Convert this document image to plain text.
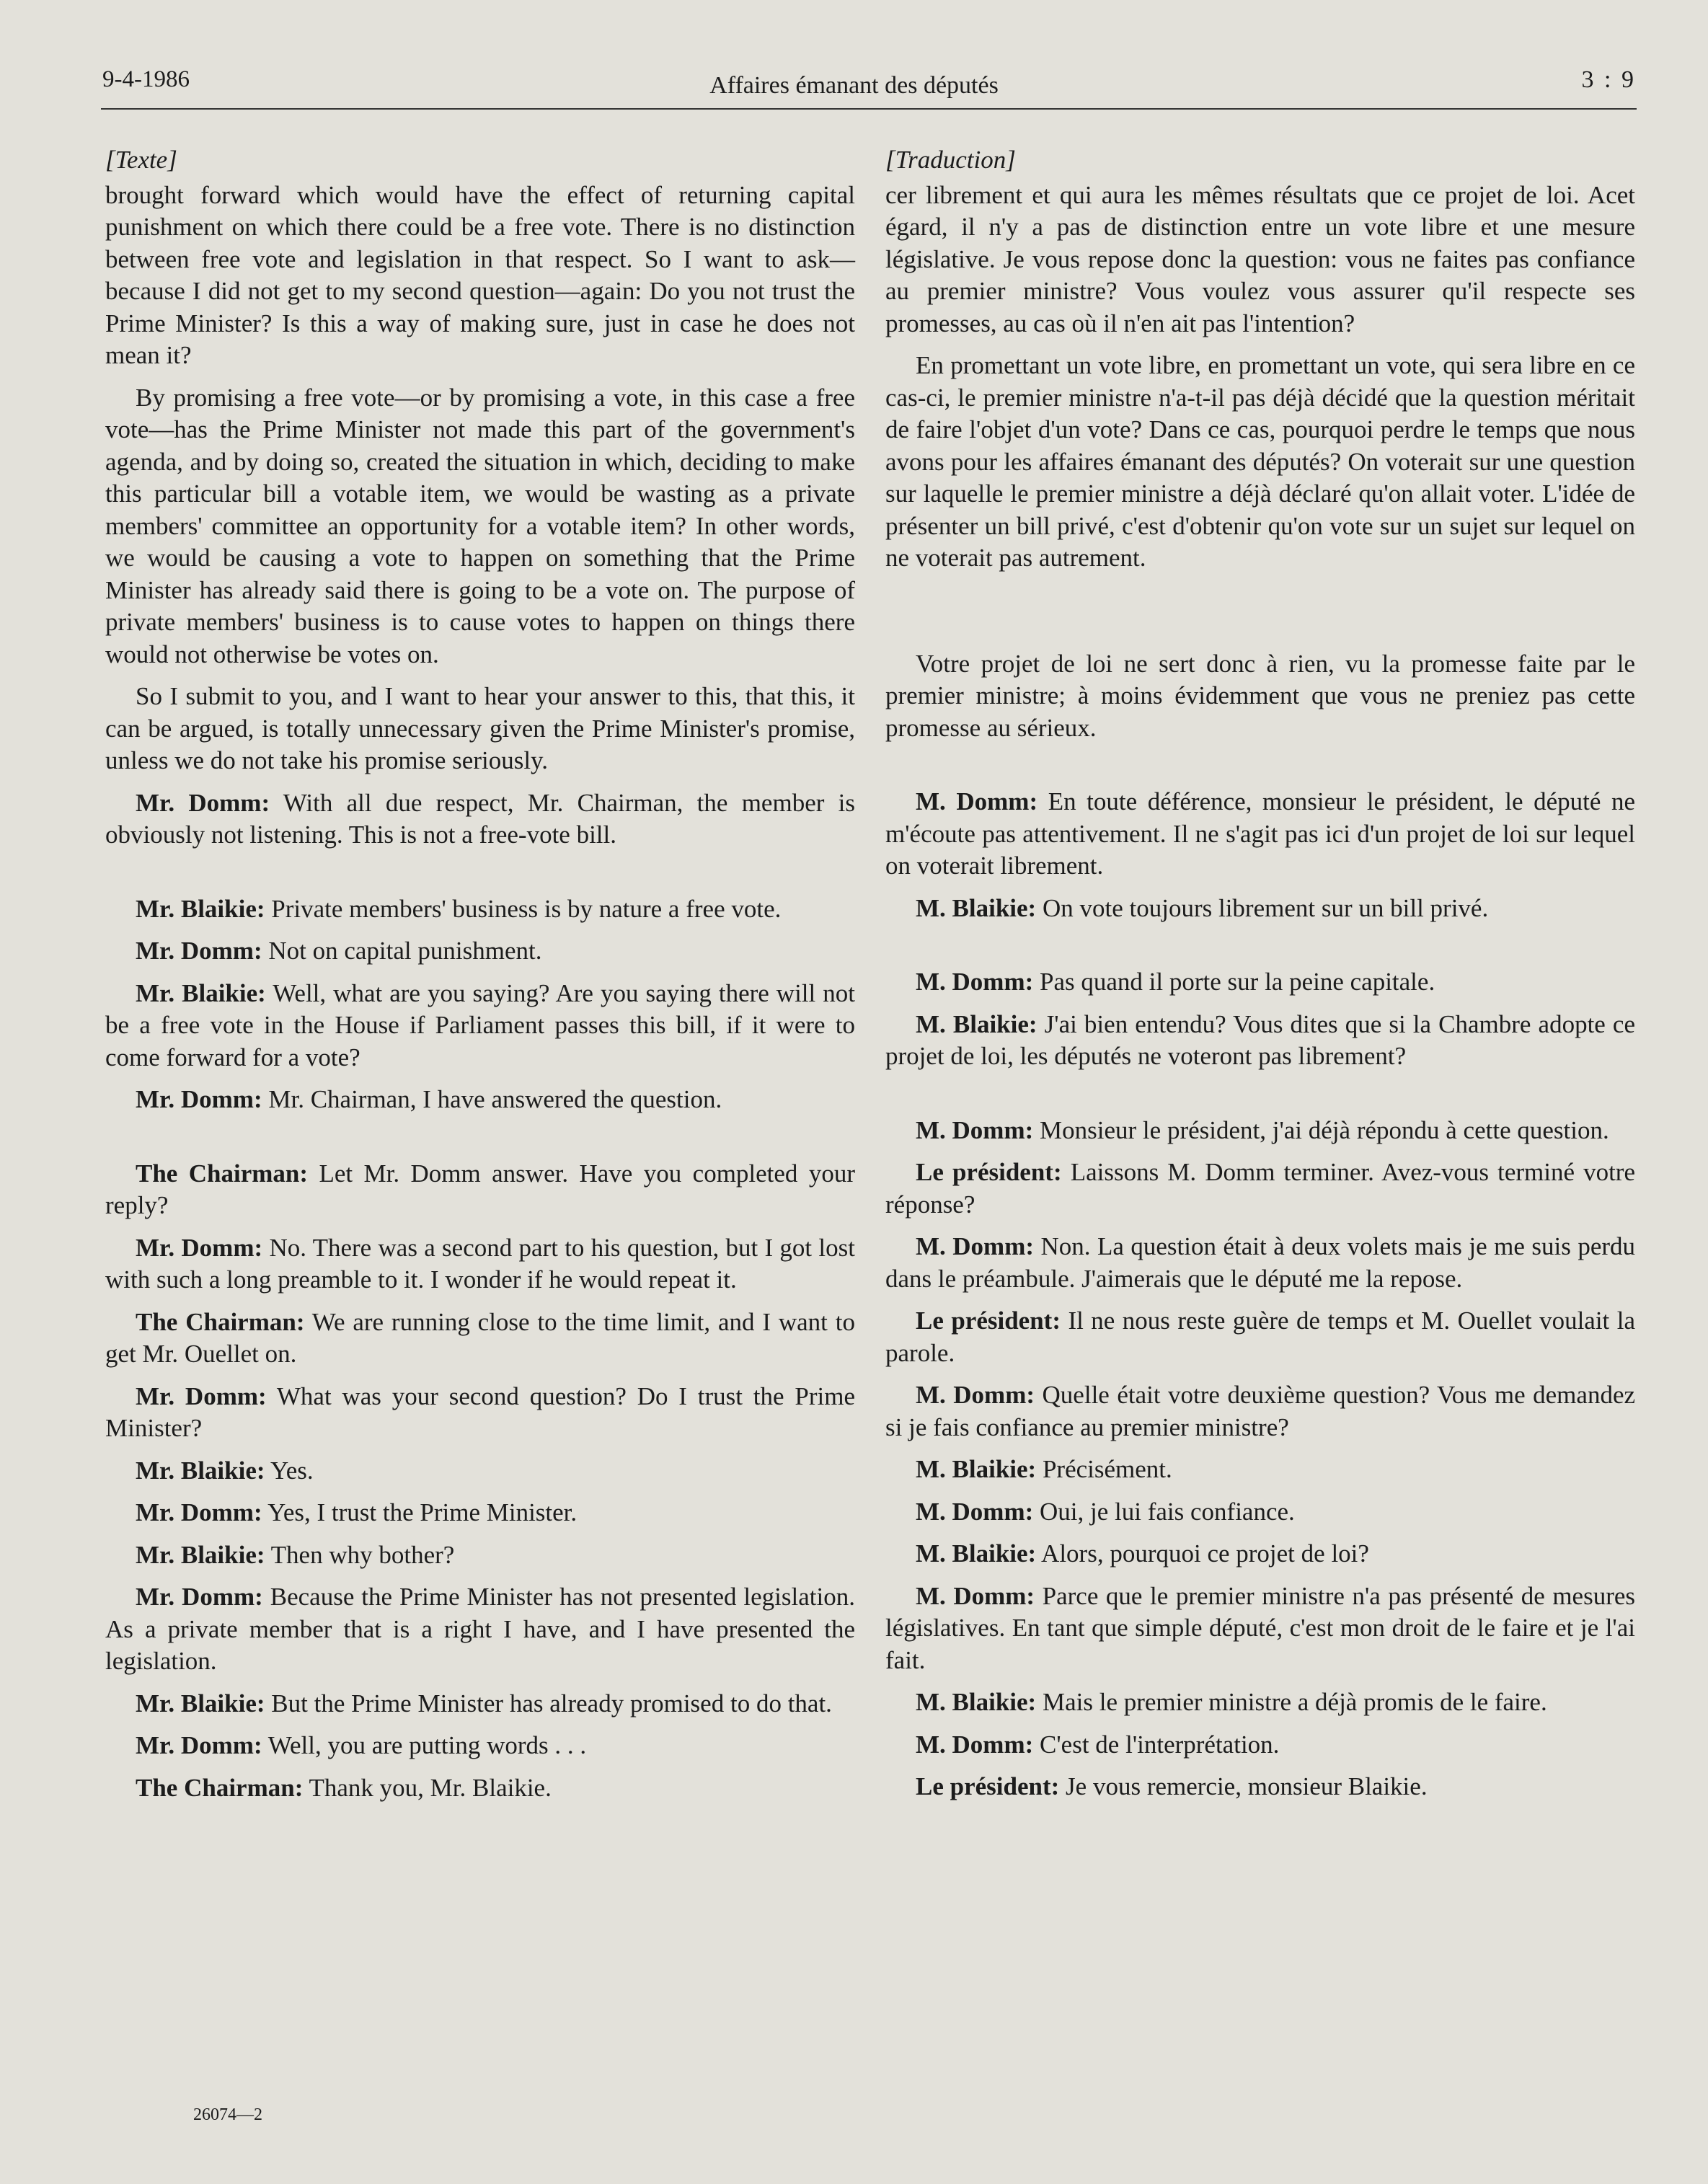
9-4-1986	Affaires émanant des députés	3 : 9
[Texte]

brought forward which would have the effect of returning capital punishment on which there could be a free vote. There is no distinction between free vote and legislation in that respect. So I want to ask—because I did not get to my second question—again: Do you not trust the Prime Minister? Is this a way of making sure, just in case he does not mean it?

By promising a free vote—or by promising a vote, in this case a free vote—has the Prime Minister not made this part of the government's agenda, and by doing so, created the situation in which, deciding to make this particular bill a votable item, we would be wasting as a private members' committee an opportunity for a votable item? In other words, we would be causing a vote to happen on something that the Prime Minister has already said there is going to be a vote on. The purpose of private members' business is to cause votes to happen on things there would not otherwise be votes on.

So I submit to you, and I want to hear your answer to this, that this, it can be argued, is totally unnecessary given the Prime Minister's promise, unless we do not take his promise seriously.

Mr. Domm: With all due respect, Mr. Chairman, the member is obviously not listening. This is not a free-vote bill.

Mr. Blaikie: Private members' business is by nature a free vote.

Mr. Domm: Not on capital punishment.

Mr. Blaikie: Well, what are you saying? Are you saying there will not be a free vote in the House if Parliament passes this bill, if it were to come forward for a vote?

Mr. Domm: Mr. Chairman, I have answered the question.

The Chairman: Let Mr. Domm answer. Have you completed your reply?

Mr. Domm: No. There was a second part to his question, but I got lost with such a long preamble to it. I wonder if he would repeat it.

The Chairman: We are running close to the time limit, and I want to get Mr. Ouellet on.

Mr. Domm: What was your second question? Do I trust the Prime Minister?

Mr. Blaikie: Yes.

Mr. Domm: Yes, I trust the Prime Minister.

Mr. Blaikie: Then why bother?

Mr. Domm: Because the Prime Minister has not presented legislation. As a private member that is a right I have, and I have presented the legislation.

Mr. Blaikie: But the Prime Minister has already promised to do that.

Mr. Domm: Well, you are putting words . . .

The Chairman: Thank you, Mr. Blaikie.

[Traduction]

cer librement et qui aura les mêmes résultats que ce projet de loi. Acet égard, il n'y a pas de distinction entre un vote libre et une mesure législative. Je vous repose donc la question: vous ne faites pas confiance au premier ministre? Vous voulez vous assurer qu'il respecte ses promesses, au cas où il n'en ait pas l'intention?

En promettant un vote libre, en promettant un vote, qui sera libre en ce cas-ci, le premier ministre n'a-t-il pas déjà décidé que la question méritait de faire l'objet d'un vote? Dans ce cas, pourquoi perdre le temps que nous avons pour les affaires émanant des députés? On voterait sur une question sur laquelle le premier ministre a déjà déclaré qu'on allait voter. L'idée de présenter un bill privé, c'est d'obtenir qu'on vote sur un sujet sur lequel on ne voterait pas autrement.

Votre projet de loi ne sert donc à rien, vu la promesse faite par le premier ministre; à moins évidemment que vous ne preniez pas cette promesse au sérieux.

M. Domm: En toute déférence, monsieur le président, le député ne m'écoute pas attentivement. Il ne s'agit pas ici d'un projet de loi sur lequel on voterait librement.

M. Blaikie: On vote toujours librement sur un bill privé.

M. Domm: Pas quand il porte sur la peine capitale.

M. Blaikie: J'ai bien entendu? Vous dites que si la Chambre adopte ce projet de loi, les députés ne voteront pas librement?

M. Domm: Monsieur le président, j'ai déjà répondu à cette question.

Le président: Laissons M. Domm terminer. Avez-vous terminé votre réponse?

M. Domm: Non. La question était à deux volets mais je me suis perdu dans le préambule. J'aimerais que le député me la repose.

Le président: Il ne nous reste guère de temps et M. Ouellet voulait la parole.

M. Domm: Quelle était votre deuxième question? Vous me demandez si je fais confiance au premier ministre?

M. Blaikie: Précisément.

M. Domm: Oui, je lui fais confiance.

M. Blaikie: Alors, pourquoi ce projet de loi?

M. Domm: Parce que le premier ministre n'a pas présenté de mesures législatives. En tant que simple député, c'est mon droit de le faire et je l'ai fait.

M. Blaikie: Mais le premier ministre a déjà promis de le faire.

M. Domm: C'est de l'interprétation.

Le président: Je vous remercie, monsieur Blaikie.

26074—2
